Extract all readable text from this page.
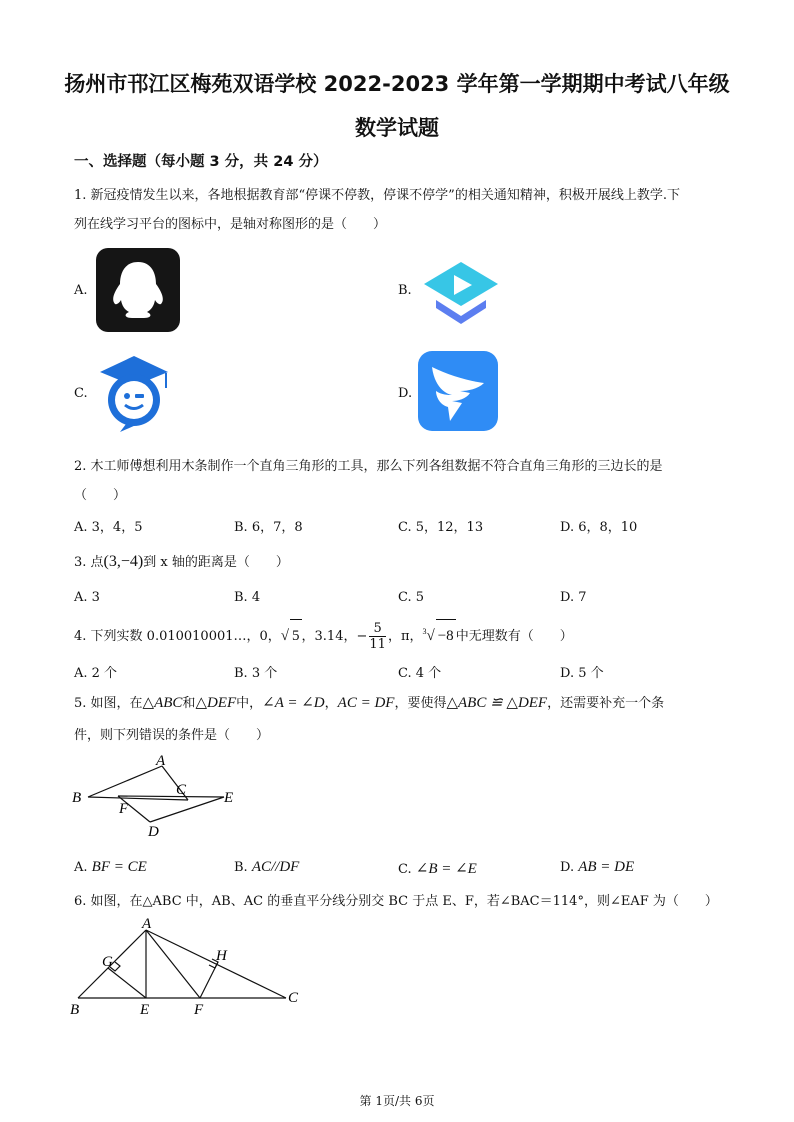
扬州市邗江区梅苑双语学校 2022-2023 学年第一学期期中考试八年级
数学试题
一、选择题（每小题 3 分，共 24 分）
1. 新冠疫情发生以来，各地根据教育部“停课不停教，停课不停学”的相关通知精神，积极开展线上教学.下
列在线学习平台的图标中，是轴对称图形的是（　　）
A.	B.
C.	D.
2. 木工师傅想利用木条制作一个直角三角形的工具，那么下列各组数据不符合直角三角形的三边长的是
（　　）
A. 3，4，5	B. 6，7，8	C. 5，12，13	D. 6，8，10
3. 点(3,−4)到 x 轴的距离是（　　）
A. 3	B. 4	C. 5	D. 7
4. 下列实数 0.010010001…，0，√ 5 ，3.14，− $\frac{5}{11}$ ，π，$^3$√ −8 中无理数有（　　）
A. 2 个	B. 3 个	C. 4 个	D. 5 个
5. 如图，在△ABC和△DEF中，∠A = ∠D，AC = DF，要使得△ABC ≌ △DEF，还需要补充一个条
件，则下列错误的条件是（　　）
A
B	C
D
E
F
A. BF = CE	B. AC//DF	C. ∠B = ∠E	D. AB = DE
6. 如图，在△ABC 中，AB、AC 的垂直平分线分别交 BC 于点 E、F，若∠BAC＝114°，则∠EAF 为（　　）
A
B
C
E	F
G	H
第 1页/共 6页
